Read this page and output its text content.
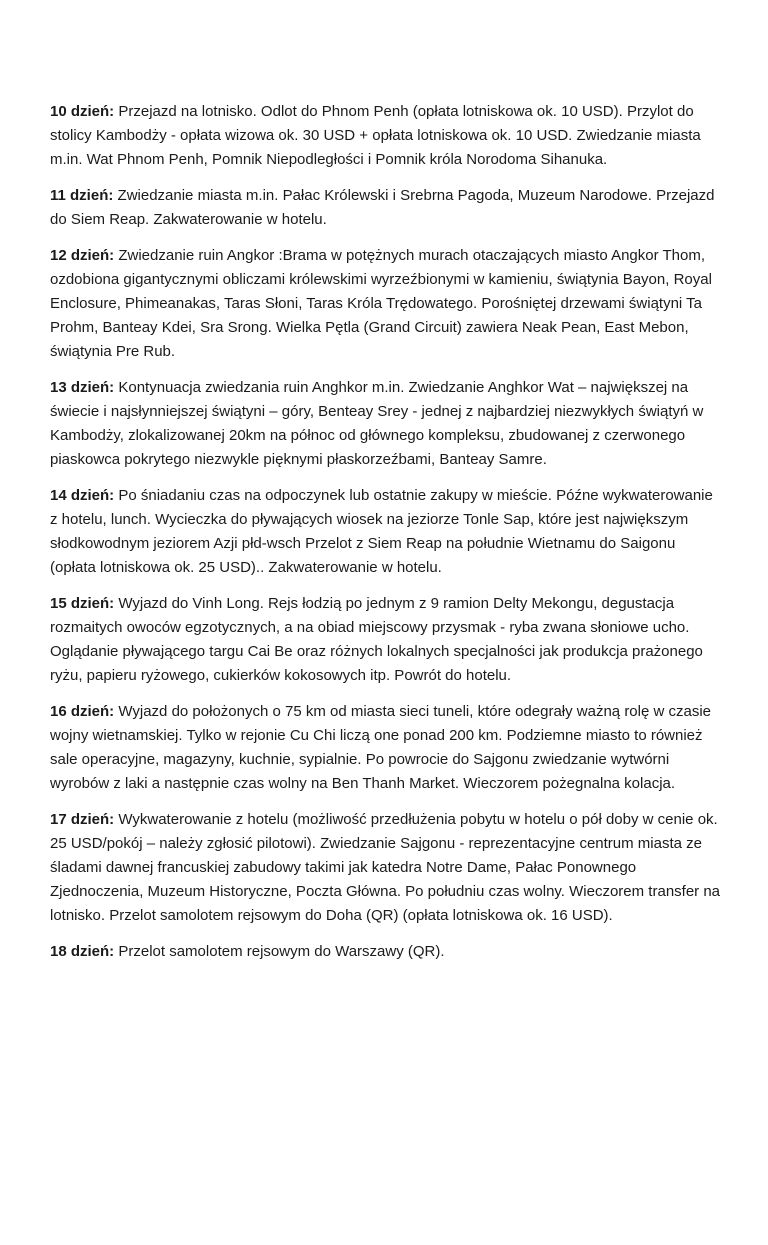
10 dzień: Przejazd na lotnisko. Odlot do Phnom Penh (opłata lotniskowa ok. 10 USD). Przylot do stolicy Kambodży - opłata wizowa ok. 30 USD + opłata lotniskowa ok. 10 USD. Zwiedzanie miasta m.in. Wat Phnom Penh, Pomnik Niepodległości i Pomnik króla Norodoma Sihanuka.

11 dzień: Zwiedzanie miasta m.in. Pałac Królewski i Srebrna Pagoda, Muzeum Narodowe. Przejazd do Siem Reap. Zakwaterowanie w hotelu.

12 dzień: Zwiedzanie ruin Angkor :Brama w potężnych murach otaczających miasto Angkor Thom, ozdobiona gigantycznymi obliczami królewskimi wyrzeźbionymi w kamieniu, świątynia Bayon, Royal Enclosure, Phimeanakas, Taras Słoni, Taras Króla Trędowatego. Porośniętej drzewami świątyni Ta Prohm, Banteay Kdei, Sra Srong. Wielka Pętla (Grand Circuit) zawiera Neak Pean, East Mebon, świątynia Pre Rub.

13 dzień: Kontynuacja zwiedzania ruin Anghkor m.in. Zwiedzanie Anghkor Wat – największej na świecie i najsłynniejszej świątyni – góry, Benteay Srey - jednej z najbardziej niezwykłych świątyń w Kambodży, zlokalizowanej 20km na północ od głównego kompleksu, zbudowanej z czerwonego piaskowca pokrytego niezwykle pięknymi płaskorzeźbami, Banteay Samre.

14 dzień: Po śniadaniu czas na odpoczynek lub ostatnie zakupy w mieście. Późne wykwaterowanie z hotelu, lunch. Wycieczka do pływających wiosek na jeziorze Tonle Sap, które jest największym słodkowodnym jeziorem Azji płd-wsch Przelot z Siem Reap na południe Wietnamu do Saigonu (opłata lotniskowa ok. 25 USD).. Zakwaterowanie w hotelu.

15 dzień: Wyjazd do Vinh Long. Rejs łodzią po jednym z 9 ramion Delty Mekongu, degustacja rozmaitych owoców egzotycznych, a na obiad miejscowy przysmak - ryba zwana słoniowe ucho. Oglądanie pływającego targu Cai Be oraz różnych lokalnych specjalności jak produkcja prażonego ryżu, papieru ryżowego, cukierków kokosowych itp. Powrót do hotelu.

16 dzień: Wyjazd do położonych o 75 km od miasta sieci tuneli, które odegrały ważną rolę w czasie wojny wietnamskiej. Tylko w rejonie Cu Chi liczą one ponad 200 km. Podziemne miasto to również sale operacyjne, magazyny, kuchnie, sypialnie. Po powrocie do Sajgonu zwiedzanie wytwórni wyrobów z laki a następnie czas wolny na Ben Thanh Market. Wieczorem pożegnalna kolacja.

17 dzień: Wykwaterowanie z hotelu (możliwość przedłużenia pobytu w hotelu o pół doby w cenie ok. 25 USD/pokój – należy zgłosić pilotowi). Zwiedzanie Sajgonu - reprezentacyjne centrum miasta ze śladami dawnej francuskiej zabudowy takimi jak katedra Notre Dame, Pałac Ponownego Zjednoczenia, Muzeum Historyczne, Poczta Główna. Po południu czas wolny. Wieczorem transfer na lotnisko. Przelot samolotem rejsowym do Doha (QR) (opłata lotniskowa ok. 16 USD).

18 dzień: Przelot samolotem rejsowym do Warszawy (QR).
